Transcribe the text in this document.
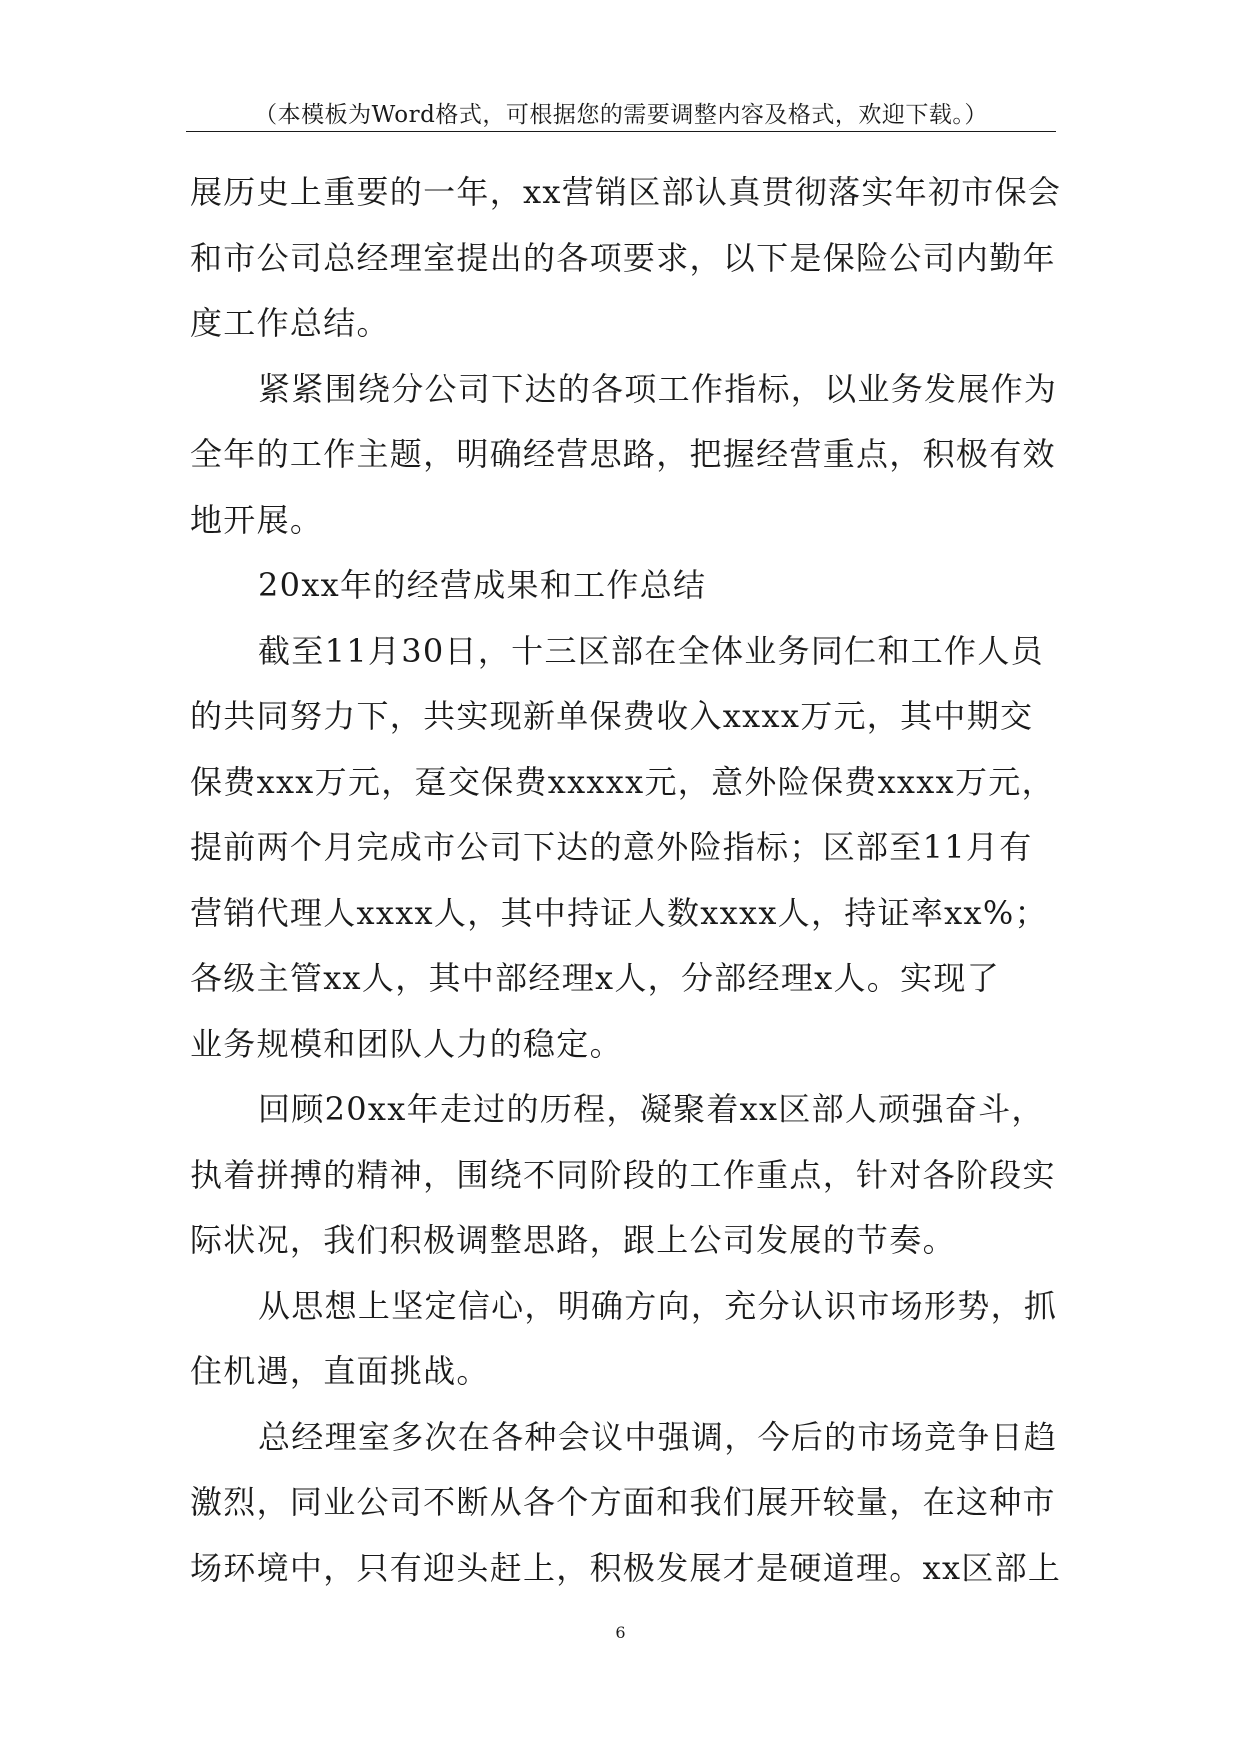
（本模板为Word格式，可根据您的需要调整内容及格式，欢迎下载。）
展历史上重要的一年，xx营销区部认真贯彻落实年初市保会
和市公司总经理室提出的各项要求，以下是保险公司内勤年
度工作总结。
紧紧围绕分公司下达的各项工作指标，以业务发展作为
全年的工作主题，明确经营思路，把握经营重点，积极有效
地开展。
20xx年的经营成果和工作总结
截至11月30日，十三区部在全体业务同仁和工作人员
的共同努力下，共实现新单保费收入xxxx万元，其中期交
保费xxx万元，趸交保费xxxxx元，意外险保费xxxx万元，
提前两个月完成市公司下达的意外险指标；区部至11月有
营销代理人xxxx人，其中持证人数xxxx人，持证率xx%；
各级主管xx人，其中部经理x人，分部经理x人。实现了
业务规模和团队人力的稳定。
回顾20xx年走过的历程，凝聚着xx区部人顽强奋斗，
执着拼搏的精神，围绕不同阶段的工作重点，针对各阶段实
际状况，我们积极调整思路，跟上公司发展的节奏。
从思想上坚定信心，明确方向，充分认识市场形势，抓
住机遇，直面挑战。
总经理室多次在各种会议中强调，今后的市场竞争日趋
激烈，同业公司不断从各个方面和我们展开较量，在这种市
场环境中，只有迎头赶上，积极发展才是硬道理。xx区部上
6
